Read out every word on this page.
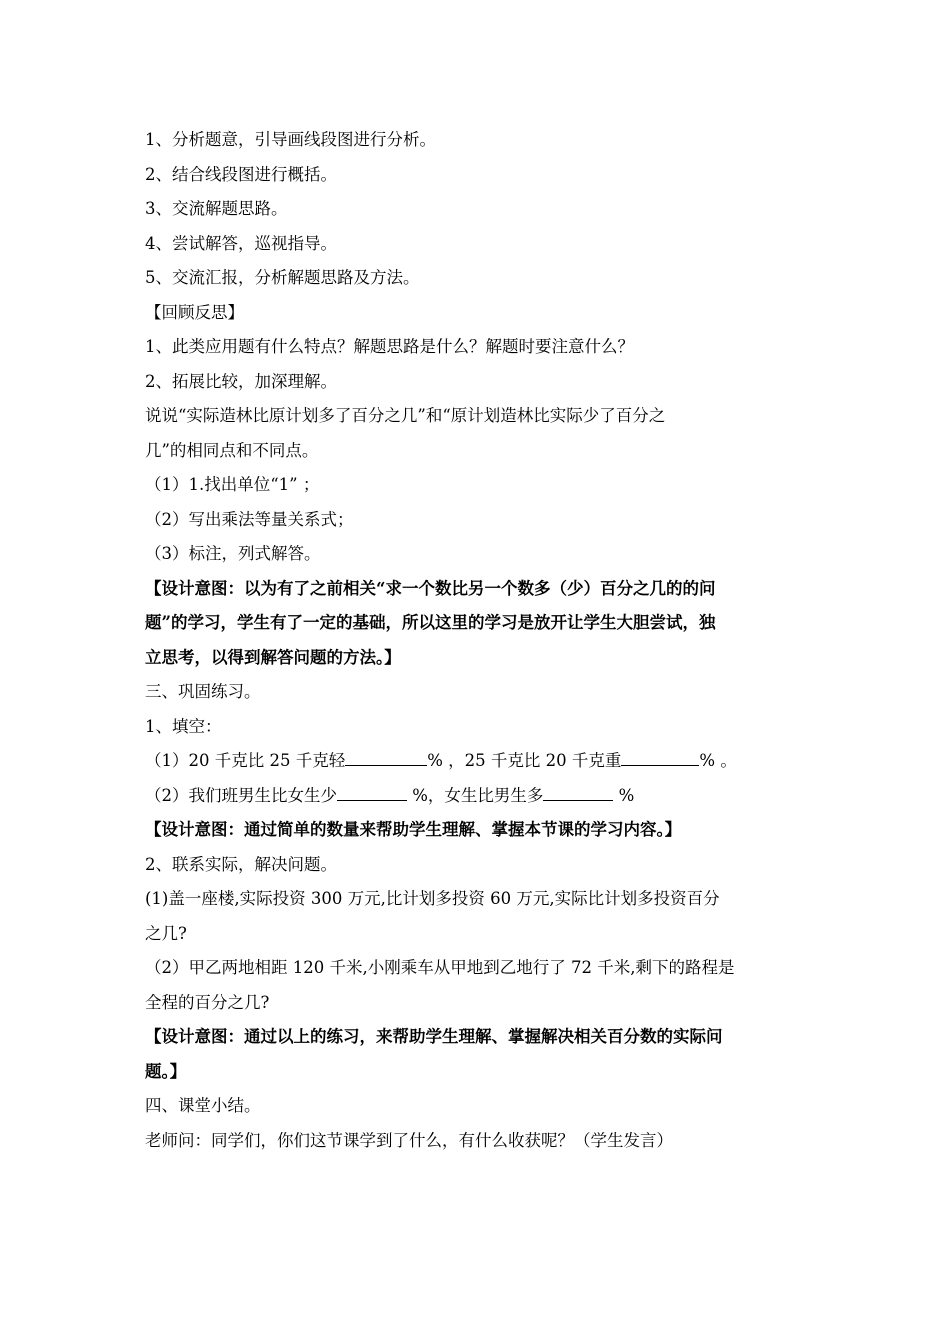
1、分析题意，引导画线段图进行分析。
2、结合线段图进行概括。
3、交流解题思路。
4、尝试解答，巡视指导。
5、交流汇报，分析解题思路及方法。
【回顾反思】
1、此类应用题有什么特点？解题思路是什么？解题时要注意什么？
2、拓展比较，加深理解。
说说“实际造林比原计划多了百分之几”和“原计划造林比实际少了百分之
几”的相同点和不同点。
（1）1.找出单位“1” ；
（2）写出乘法等量关系式；
（3）标注，列式解答。
【设计意图：以为有了之前相关“求一个数比另一个数多（少）百分之几的的问
题”的学习，学生有了一定的基础，所以这里的学习是放开让学生大胆尝试，独
立思考，以得到解答问题的方法。】
三、巩固练习。
1、填空：
（1）20 千克比 25 千克轻	% ，25 千克比 20 千克重	% 。
（2）我们班男生比女生少	%，女生比男生多	%
【设计意图：通过简单的数量来帮助学生理解、掌握本节课的学习内容。】
2、联系实际，解决问题。
(1)盖一座楼,实际投资 300 万元,比计划多投资 60 万元,实际比计划多投资百分
之几?
（2）甲乙两地相距 120 千米,小刚乘车从甲地到乙地行了 72 千米,剩下的路程是
全程的百分之几?
【设计意图：通过以上的练习，来帮助学生理解、掌握解决相关百分数的实际问
题。】
四、课堂小结。
老师问：同学们，你们这节课学到了什么，有什么收获呢？（学生发言）
